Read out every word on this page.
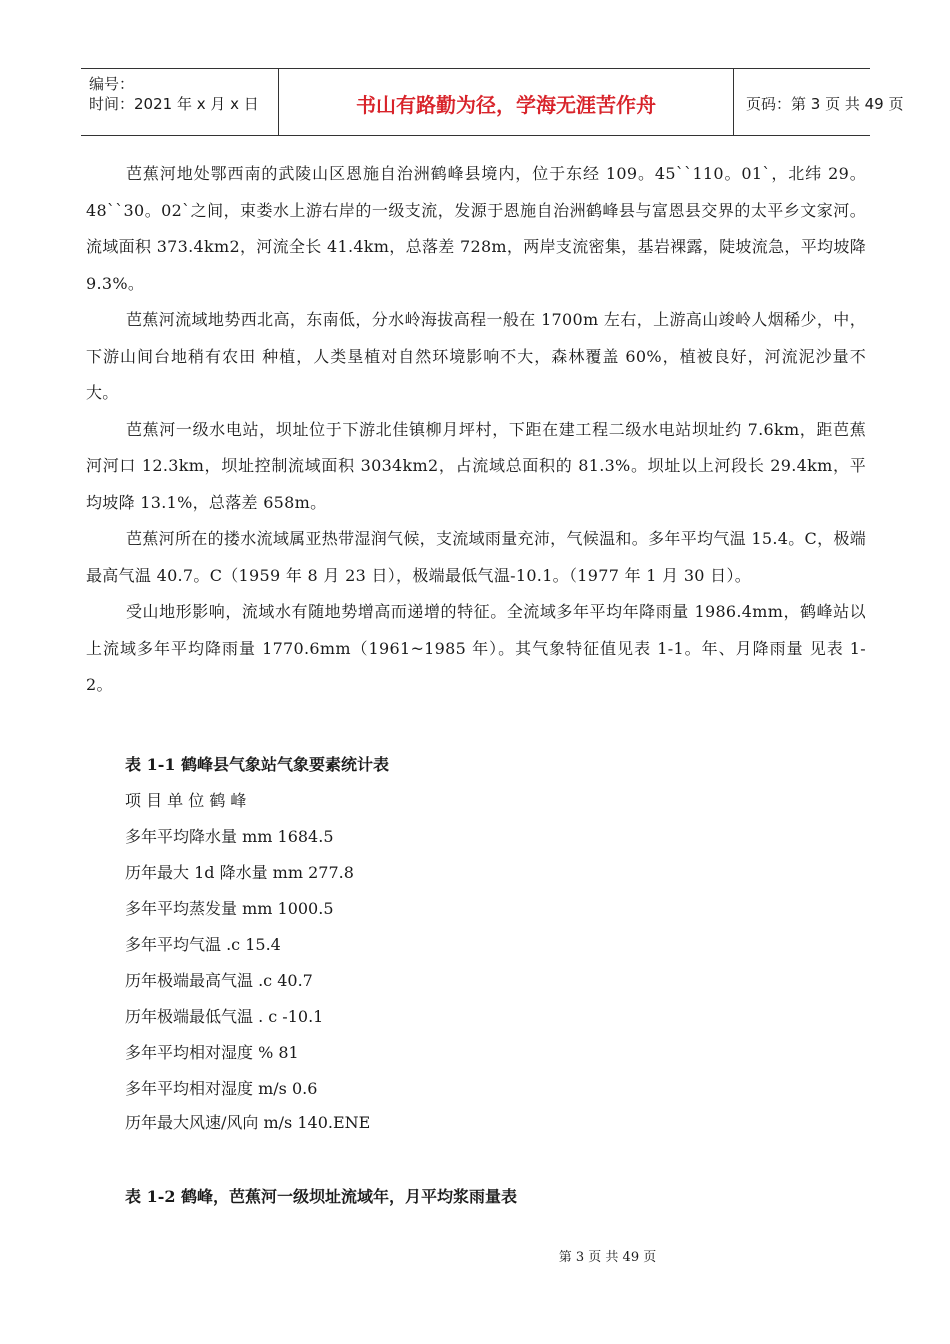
编号：
时间：2021 年 x 月 x 日	书山有路勤为径，学海无涯苦作舟	页码：第 3 页 共 49 页

芭蕉河地处鄂西南的武陵山区恩施自治洲鹤峰县境内，位于东经 109。45``110。01`，北纬 29。48``30。02`之间，束娄水上游右岸的一级支流，发源于恩施自治洲鹤峰县与富恩县交界的太平乡文家河。流域面积 373.4km2，河流全长 41.4km，总落差 728m，两岸支流密集，基岩裸露，陡坡流急，平均坡降 9.3%。

芭蕉河流域地势西北高，东南低，分水岭海拔高程一般在 1700m 左右，上游高山竣岭人烟稀少，中，下游山间台地稍有农田 种植，人类垦植对自然环境影响不大，森林覆盖 60%，植被良好，河流泥沙量不大。

芭蕉河一级水电站，坝址位于下游北佳镇柳月坪村，下距在建工程二级水电站坝址约 7.6km，距芭蕉河河口 12.3km，坝址控制流域面积 3034km2，占流域总面积的 81.3%。坝址以上河段长 29.4km，平均坡降 13.1%，总落差 658m。

芭蕉河所在的搂水流域属亚热带湿润气候，支流域雨量充沛，气候温和。多年平均气温 15.4。C，极端最高气温 40.7。C（1959 年 8 月 23 日），极端最低气温-10.1。（1977 年 1 月 30 日）。

受山地形影响，流域水有随地势增高而递增的特征。全流域多年平均年降雨量 1986.4mm，鹤峰站以上流域多年平均降雨量 1770.6mm（1961~1985 年）。其气象特征值见表 1-1。年、月降雨量 见表 1-2。

表 1-1 鹤峰县气象站气象要素统计表
项 目 单 位 鹤 峰
多年平均降水量 mm 1684.5
历年最大 1d 降水量 mm 277.8
多年平均蒸发量 mm 1000.5
多年平均气温 .c 15.4
历年极端最高气温 .c 40.7
历年极端最低气温 . c -10.1
多年平均相对湿度 % 81
多年平均相对湿度 m/s 0.6
历年最大风速/风向 m/s 140.ENE
表 1-2 鹤峰，芭蕉河一级坝址流域年，月平均浆雨量表
第 3 页 共 49 页
